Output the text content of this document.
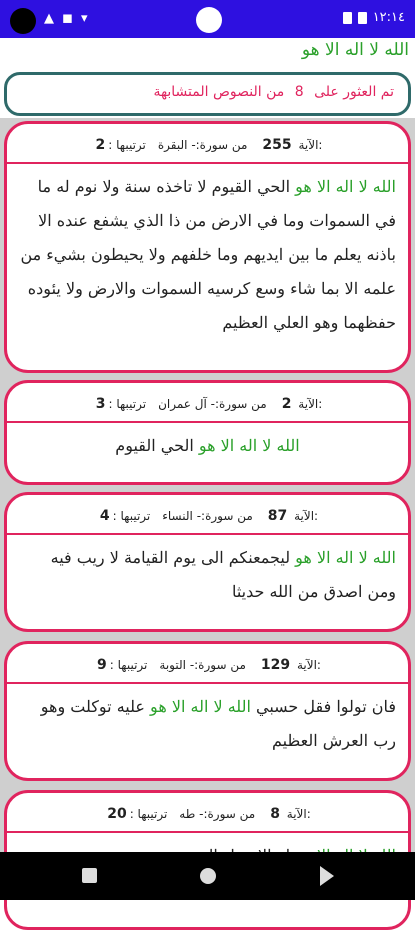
▲ ◼ ▾	١٢:١٤
الله لا اله الا هو
تم العثور على 8 من النصوص المتشابهة
:الآية 255
من سورة:- البقرة
ترتيبها :2
الله لا اله الا هو الحي القيوم لا تاخذه سنة ولا نوم له ما في السموات وما في الارض من ذا الذي يشفع عنده الا باذنه يعلم ما بين ايديهم وما خلفهم ولا يحيطون بشيء من علمه الا بما شاء وسع كرسيه السموات والارض ولا يئوده حفظهما وهو العلي العظيم
:الآية 2
من سورة:- آل عمران
ترتيبها :3
الله لا اله الا هو الحي القيوم
:الآية 87
من سورة:- النساء
ترتيبها :4
الله لا اله الا هو ليجمعنكم الى يوم القيامة لا ريب فيه ومن اصدق من الله حديثا
:الآية 129
من سورة:- التوبة
ترتيبها :9
فان تولوا فقل حسبي الله لا اله الا هو عليه توكلت وهو رب العرش العظيم
:الآية 8
من سورة:- طه
ترتيبها :20
